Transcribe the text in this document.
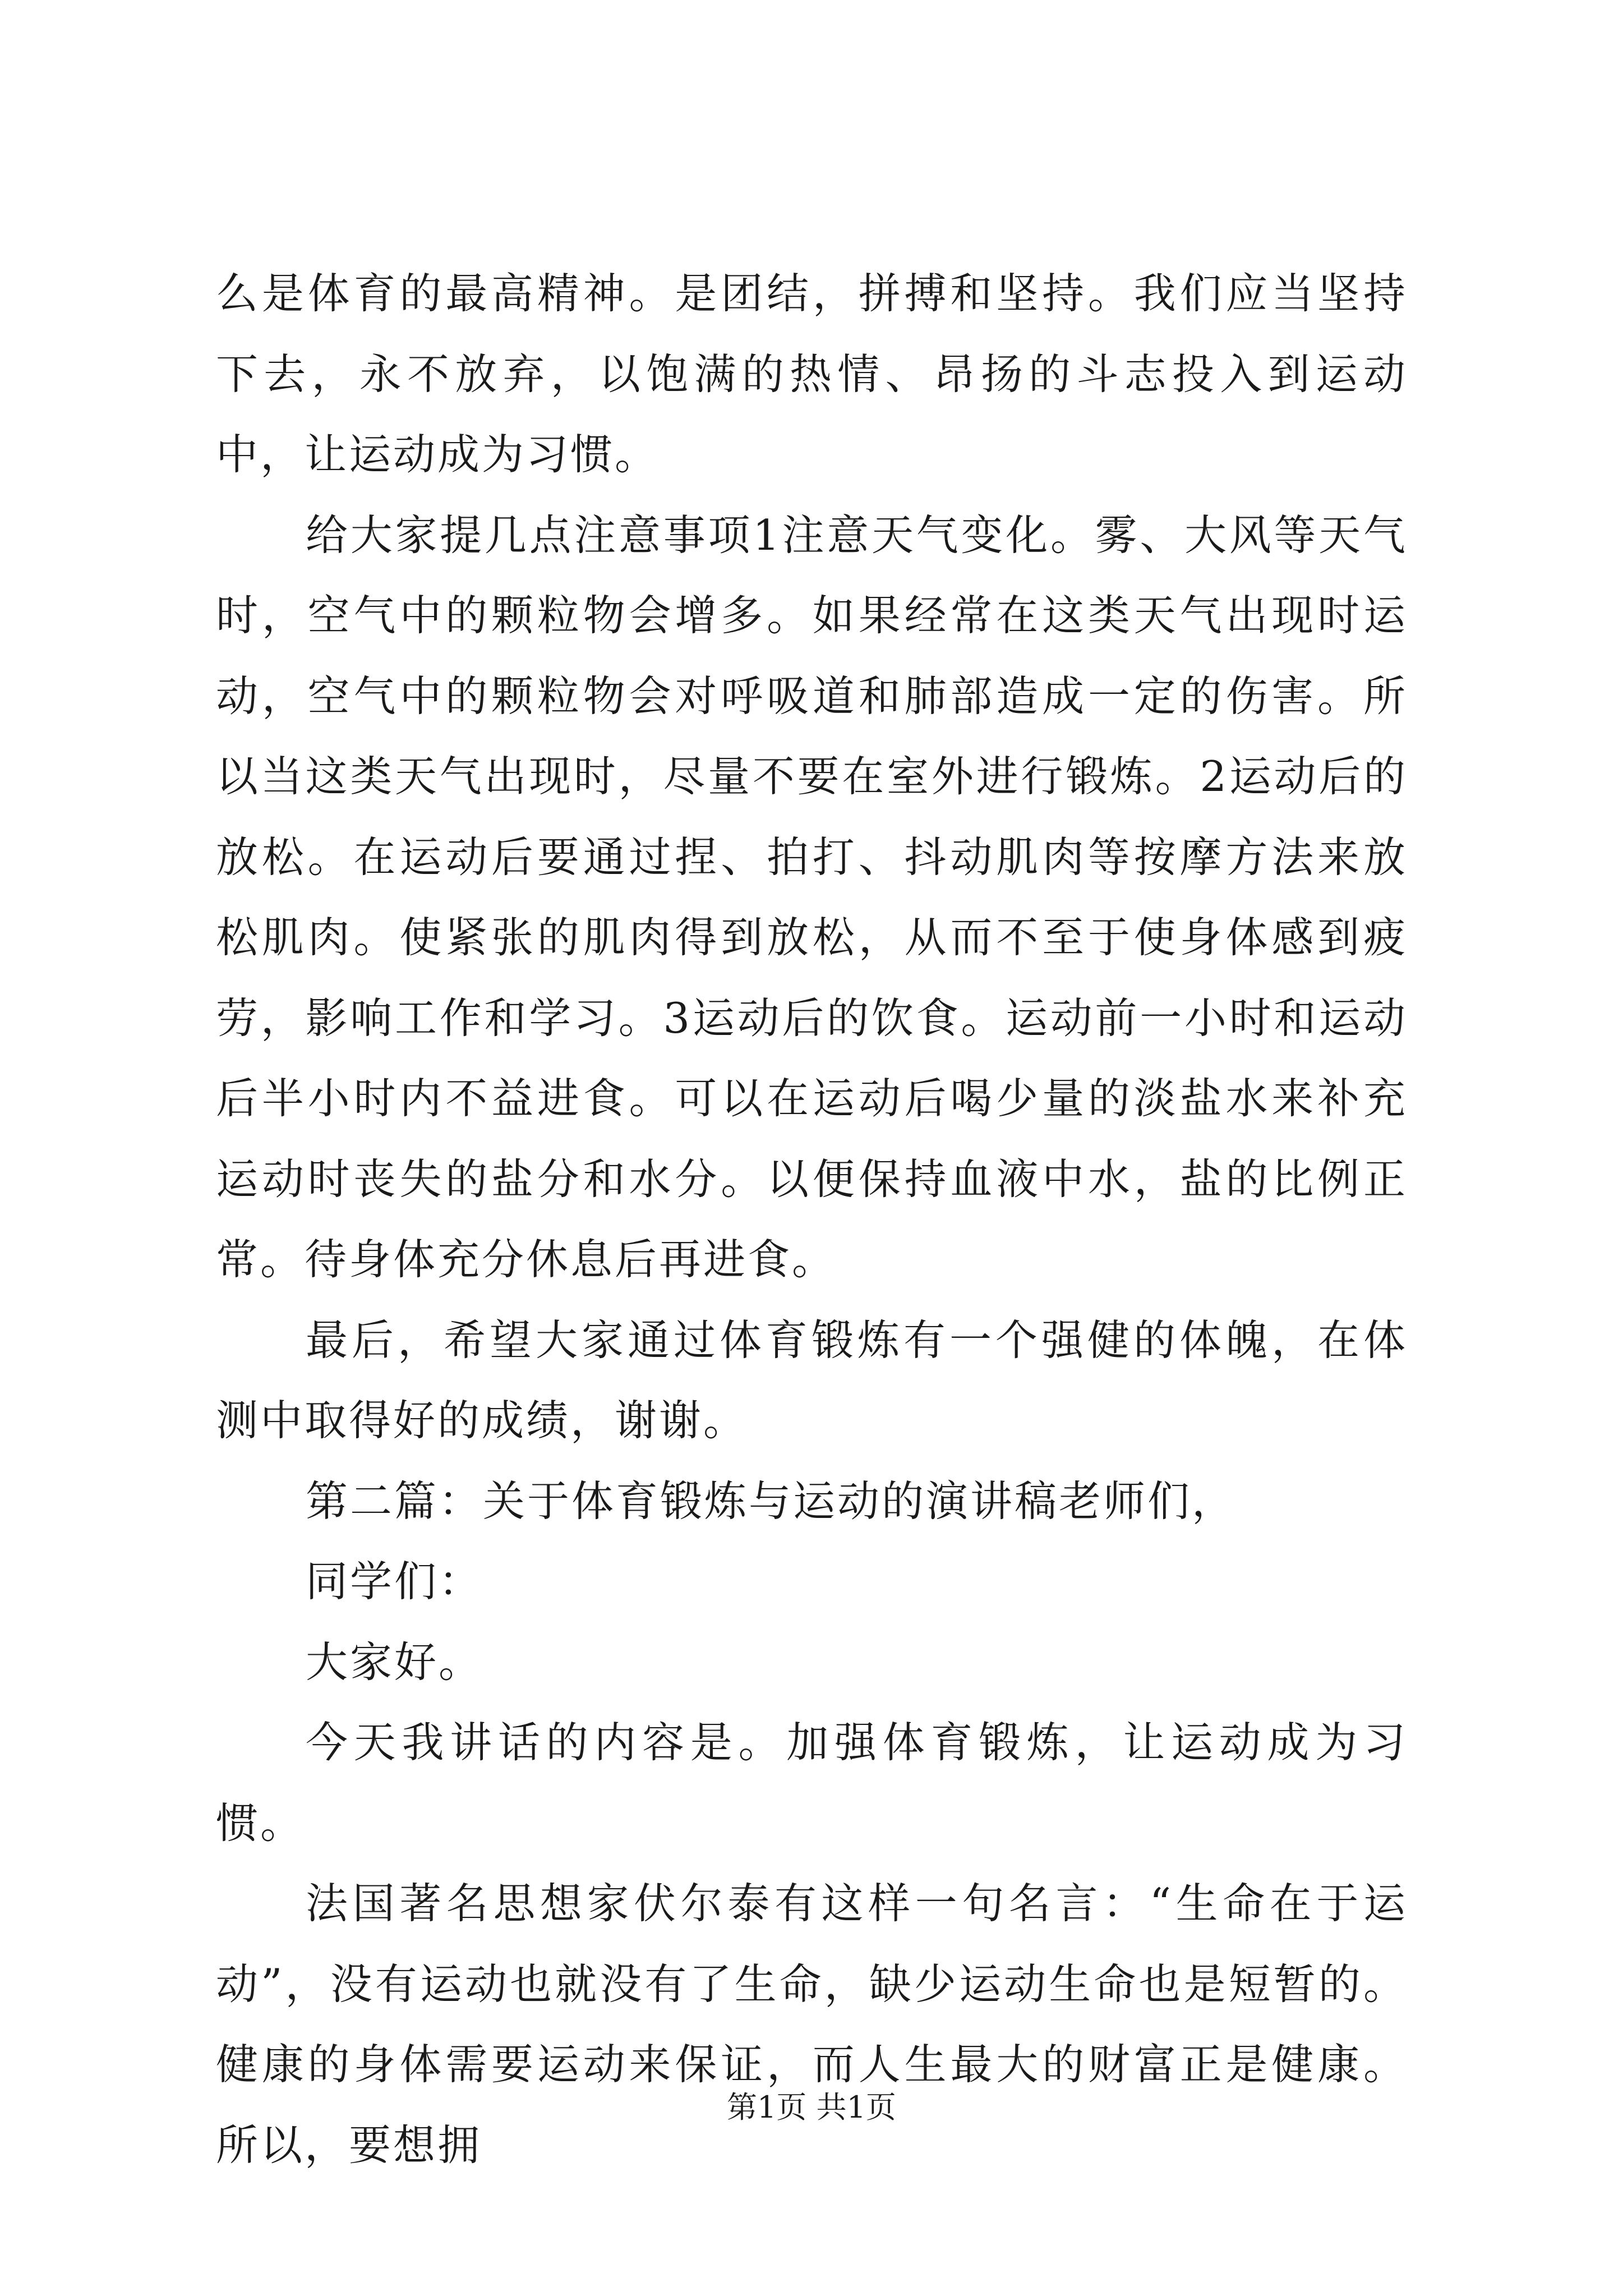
么是体育的最高精神。是团结，拼搏和坚持。我们应当坚持下去，永不放弃，以饱满的热情、昂扬的斗志投入到运动中，让运动成为习惯。

给大家提几点注意事项1注意天气变化。雾、大风等天气时，空气中的颗粒物会增多。如果经常在这类天气出现时运动，空气中的颗粒物会对呼吸道和肺部造成一定的伤害。所以当这类天气出现时，尽量不要在室外进行锻炼。2运动后的放松。在运动后要通过捏、拍打、抖动肌肉等按摩方法来放松肌肉。使紧张的肌肉得到放松，从而不至于使身体感到疲劳，影响工作和学习。3运动后的饮食。运动前一小时和运动后半小时内不益进食。可以在运动后喝少量的淡盐水来补充运动时丧失的盐分和水分。以便保持血液中水，盐的比例正常。待身体充分休息后再进食。

最后，希望大家通过体育锻炼有一个强健的体魄，在体测中取得好的成绩，谢谢。

第二篇：关于体育锻炼与运动的演讲稿老师们，

同学们：

大家好。

今天我讲话的内容是。加强体育锻炼，让运动成为习惯。

法国著名思想家伏尔泰有这样一句名言：“生命在于运动”，没有运动也就没有了生命，缺少运动生命也是短暂的。健康的身体需要运动来保证，而人生最大的财富正是健康。所以，要想拥

第1页 共1页
